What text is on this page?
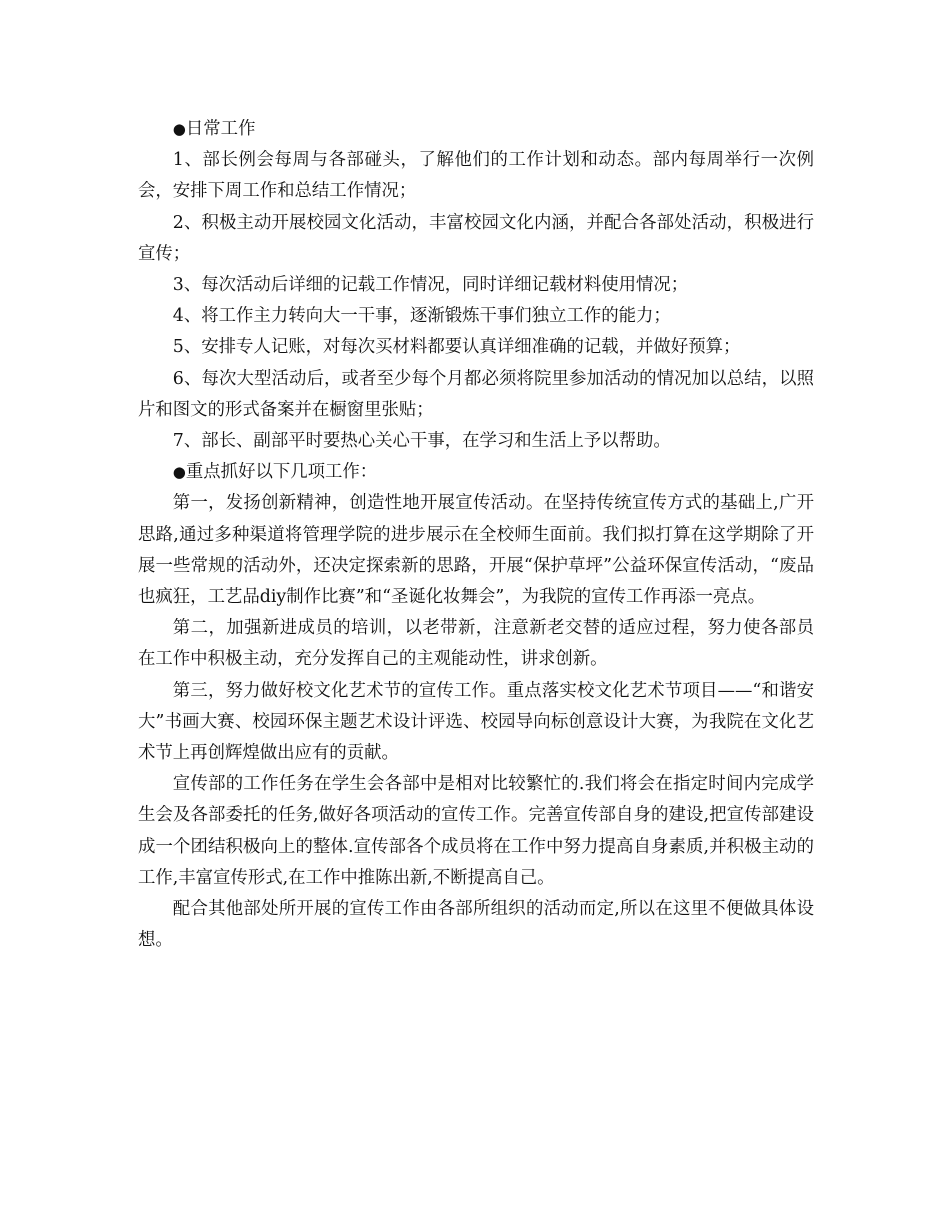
●日常工作

1、部长例会每周与各部碰头，了解他们的工作计划和动态。部内每周举行一次例会，安排下周工作和总结工作情况；

2、积极主动开展校园文化活动，丰富校园文化内涵，并配合各部处活动，积极进行宣传；

3、每次活动后详细的记载工作情况，同时详细记载材料使用情况；

4、将工作主力转向大一干事，逐渐锻炼干事们独立工作的能力；

5、安排专人记账，对每次买材料都要认真详细准确的记载，并做好预算；

6、每次大型活动后，或者至少每个月都必须将院里参加活动的情况加以总结，以照片和图文的形式备案并在橱窗里张贴；

7、部长、副部平时要热心关心干事，在学习和生活上予以帮助。

●重点抓好以下几项工作：

第一，发扬创新精神，创造性地开展宣传活动。在坚持传统宣传方式的基础上,广开思路,通过多种渠道将管理学院的进步展示在全校师生面前。我们拟打算在这学期除了开展一些常规的活动外，还决定探索新的思路，开展“保护草坪”公益环保宣传活动，“废品也疯狂，工艺品diy制作比赛”和“圣诞化妆舞会”，为我院的宣传工作再添一亮点。

第二，加强新进成员的培训，以老带新，注意新老交替的适应过程，努力使各部员在工作中积极主动，充分发挥自己的主观能动性，讲求创新。

第三，努力做好校文化艺术节的宣传工作。重点落实校文化艺术节项目——“和谐安大”书画大赛、校园环保主题艺术设计评选、校园导向标创意设计大赛，为我院在文化艺术节上再创辉煌做出应有的贡献。

宣传部的工作任务在学生会各部中是相对比较繁忙的.我们将会在指定时间内完成学生会及各部委托的任务,做好各项活动的宣传工作。完善宣传部自身的建设,把宣传部建设成一个团结积极向上的整体.宣传部各个成员将在工作中努力提高自身素质,并积极主动的工作,丰富宣传形式,在工作中推陈出新,不断提高自己。

配合其他部处所开展的宣传工作由各部所组织的活动而定,所以在这里不便做具体设想。
